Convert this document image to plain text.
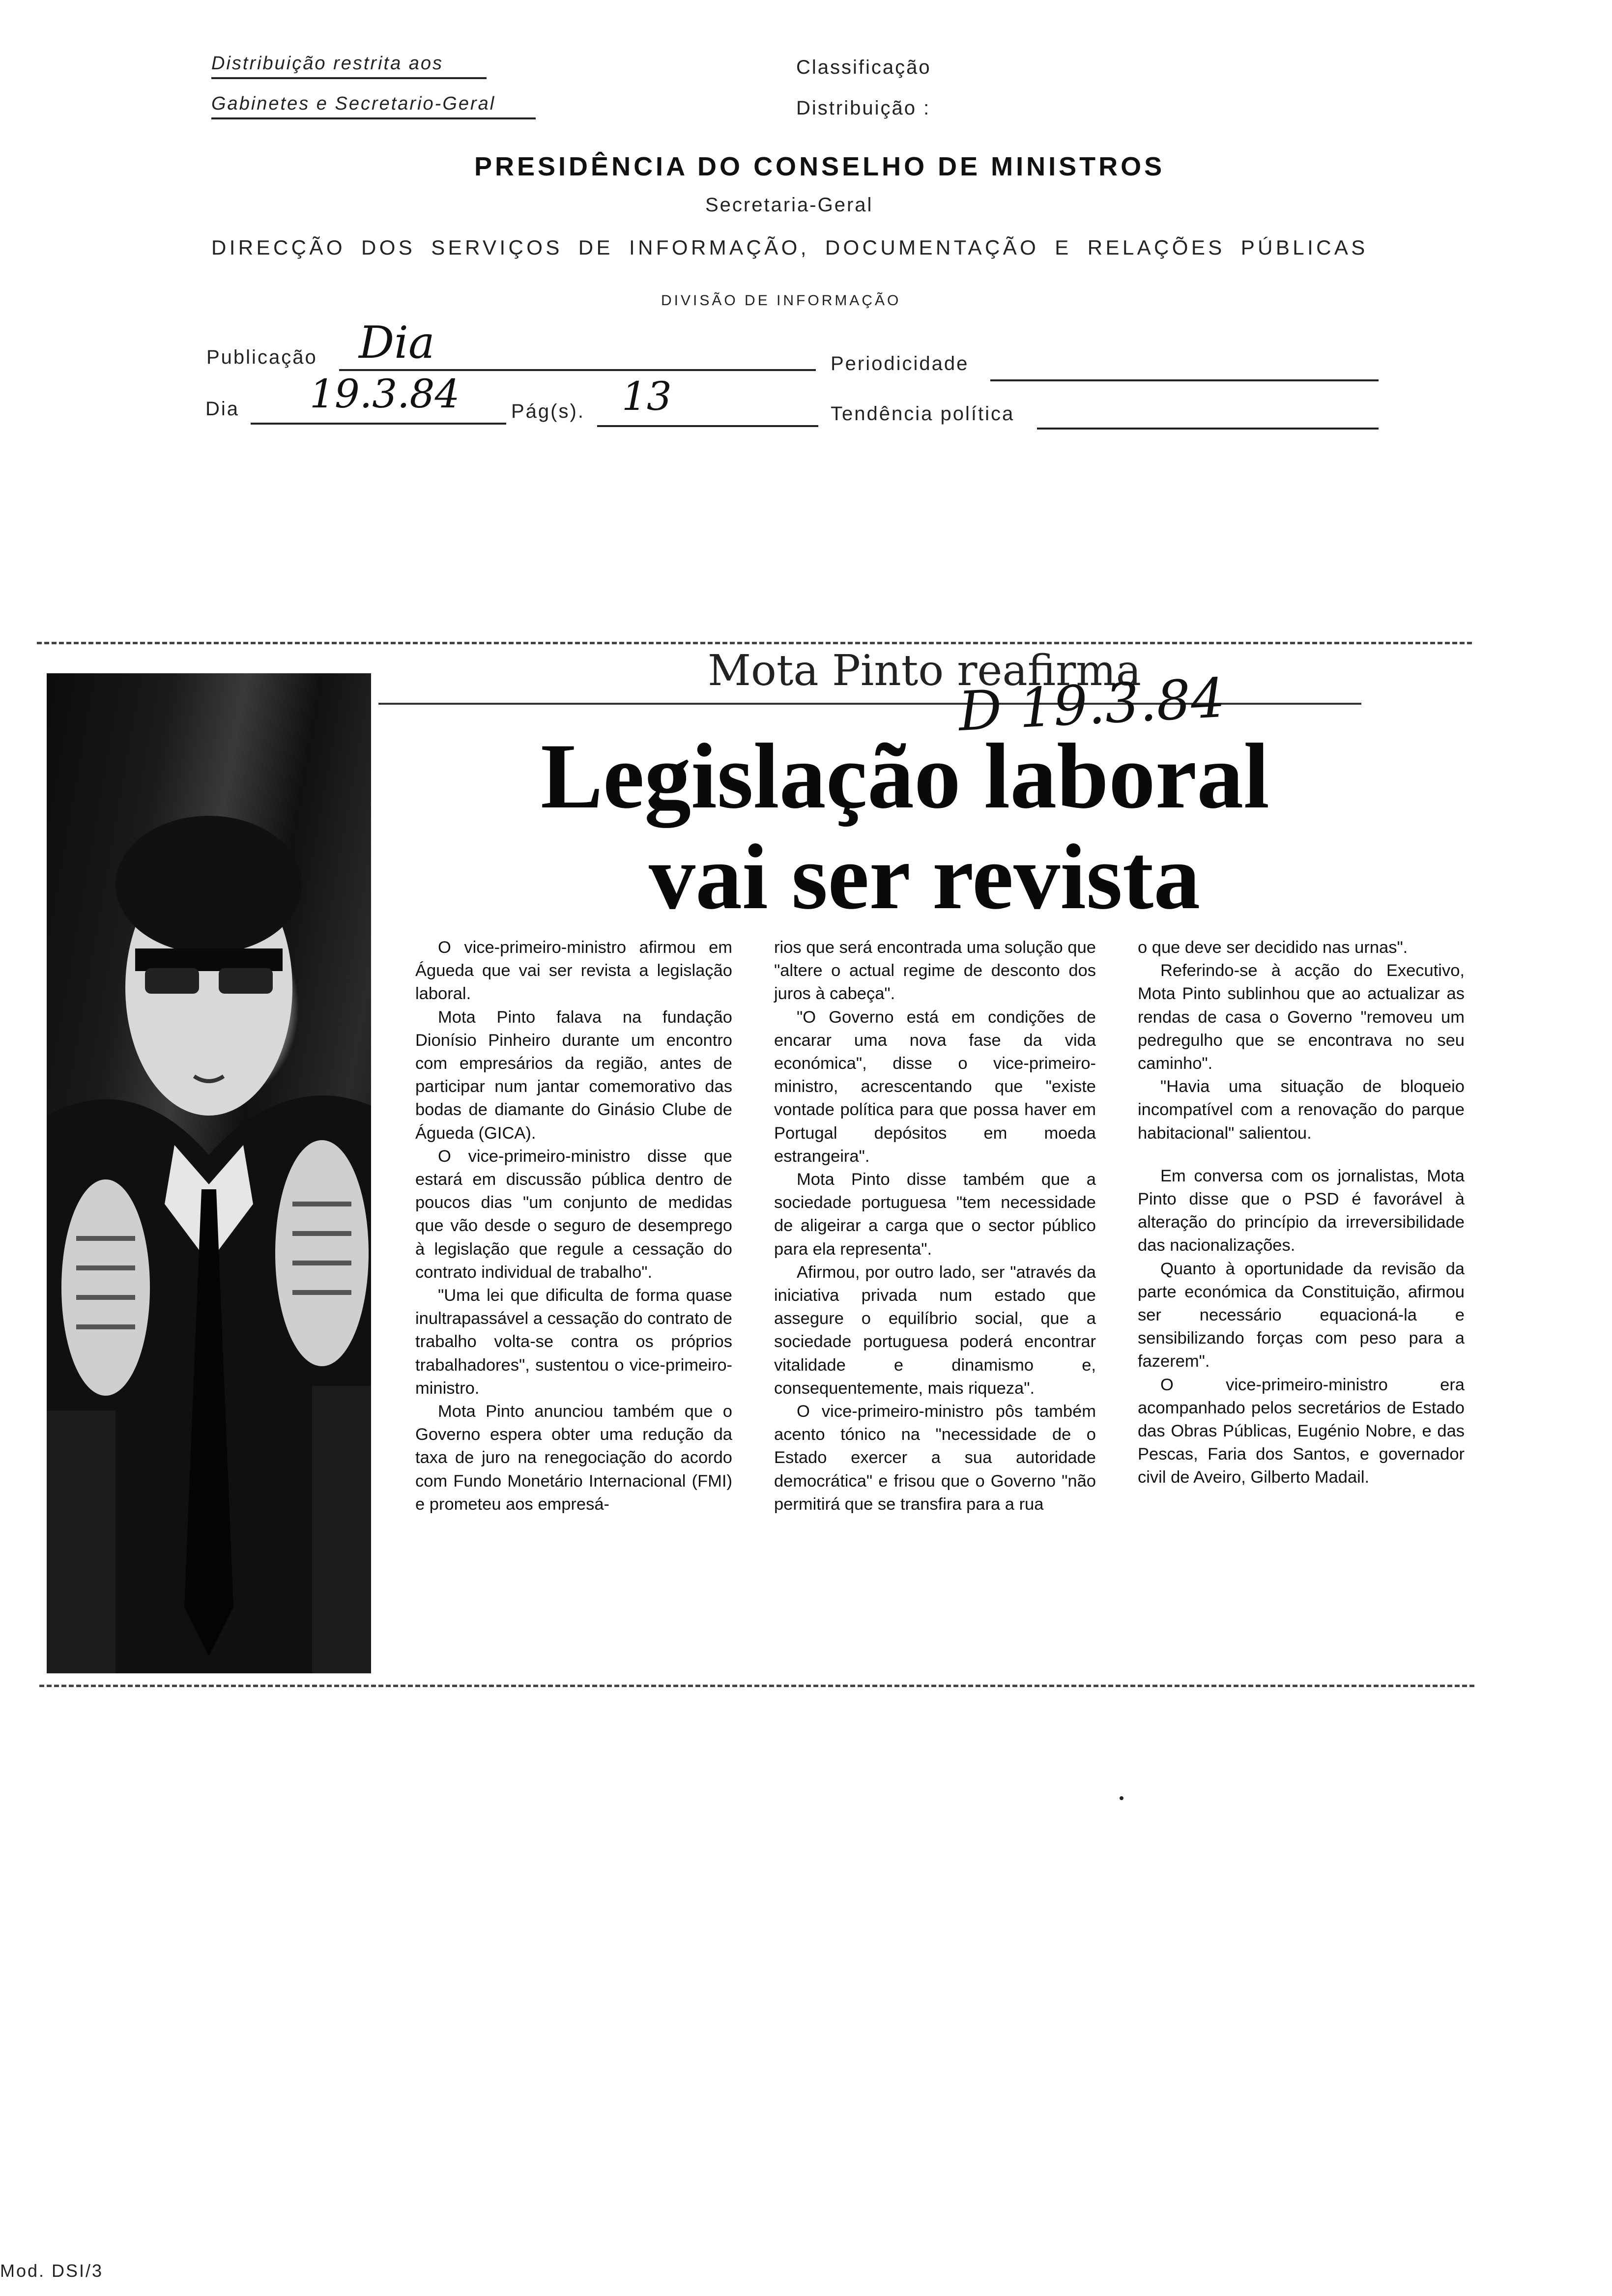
Distribuição restrita aos
Gabinetes e Secretario-Geral
Classificação
Distribuição :
PRESIDÊNCIA DO CONSELHO DE MINISTROS
Secretaria-Geral
DIRECÇÃO DOS SERVIÇOS DE INFORMAÇÃO, DOCUMENTAÇÃO E RELAÇÕES PÚBLICAS
DIVISÃO DE INFORMAÇÃO
Publicação Dia	Periodicidade
Dia 19.3.84	Pág(s). 13	Tendência política
Mota Pinto reafirma
D 19.3.84
Legislação laboral
vai ser revista

O vice-primeiro-ministro afirmou em Águeda que vai ser revista a legislação laboral.

Mota Pinto falava na fundação Dionísio Pinheiro durante um encontro com empresários da região, antes de participar num jantar comemorativo das bodas de diamante do Ginásio Clube de Águeda (GICA).

O vice-primeiro-ministro disse que estará em discussão pública dentro de poucos dias "um conjunto de medidas que vão desde o seguro de desemprego à legislação que regule a cessação do contrato individual de trabalho".

"Uma lei que dificulta de forma quase inultrapassável a cessação do contrato de trabalho volta-se contra os próprios trabalhadores", sustentou o vice-primeiro-ministro.

Mota Pinto anunciou também que o Governo espera obter uma redução da taxa de juro na renegociação do acordo com Fundo Monetário Internacional (FMI) e prometeu aos empresá-

rios que será encontrada uma solução que "altere o actual regime de desconto dos juros à cabeça".

"O Governo está em condições de encarar uma nova fase da vida económica", disse o vice-primeiro-ministro, acrescentando que "existe vontade política para que possa haver em Portugal depósitos em moeda estrangeira".

Mota Pinto disse também que a sociedade portuguesa "tem necessidade de aligeirar a carga que o sector público para ela representa".

Afirmou, por outro lado, ser "através da iniciativa privada num estado que assegure o equilíbrio social, que a sociedade portuguesa poderá encontrar vitalidade e dinamismo e, consequentemente, mais riqueza".

O vice-primeiro-ministro pôs também acento tónico na "necessidade de o Estado exercer a sua autoridade democrática" e frisou que o Governo "não permitirá que se transfira para a rua

o que deve ser decidido nas urnas".

Referindo-se à acção do Executivo, Mota Pinto sublinhou que ao actualizar as rendas de casa o Governo "removeu um pedregulho que se encontrava no seu caminho".

"Havia uma situação de bloqueio incompatível com a renovação do parque habitacional" salientou.

Em conversa com os jornalistas, Mota Pinto disse que o PSD é favorável à alteração do princípio da irreversibilidade das nacionalizações.

Quanto à oportunidade da revisão da parte económica da Constituição, afirmou ser necessário equacioná-la e sensibilizando forças com peso para a fazerem".

O vice-primeiro-ministro era acompanhado pelos secretários de Estado das Obras Públicas, Eugénio Nobre, e das Pescas, Faria dos Santos, e governador civil de Aveiro, Gilberto Madail.

Mod. DSI/3
